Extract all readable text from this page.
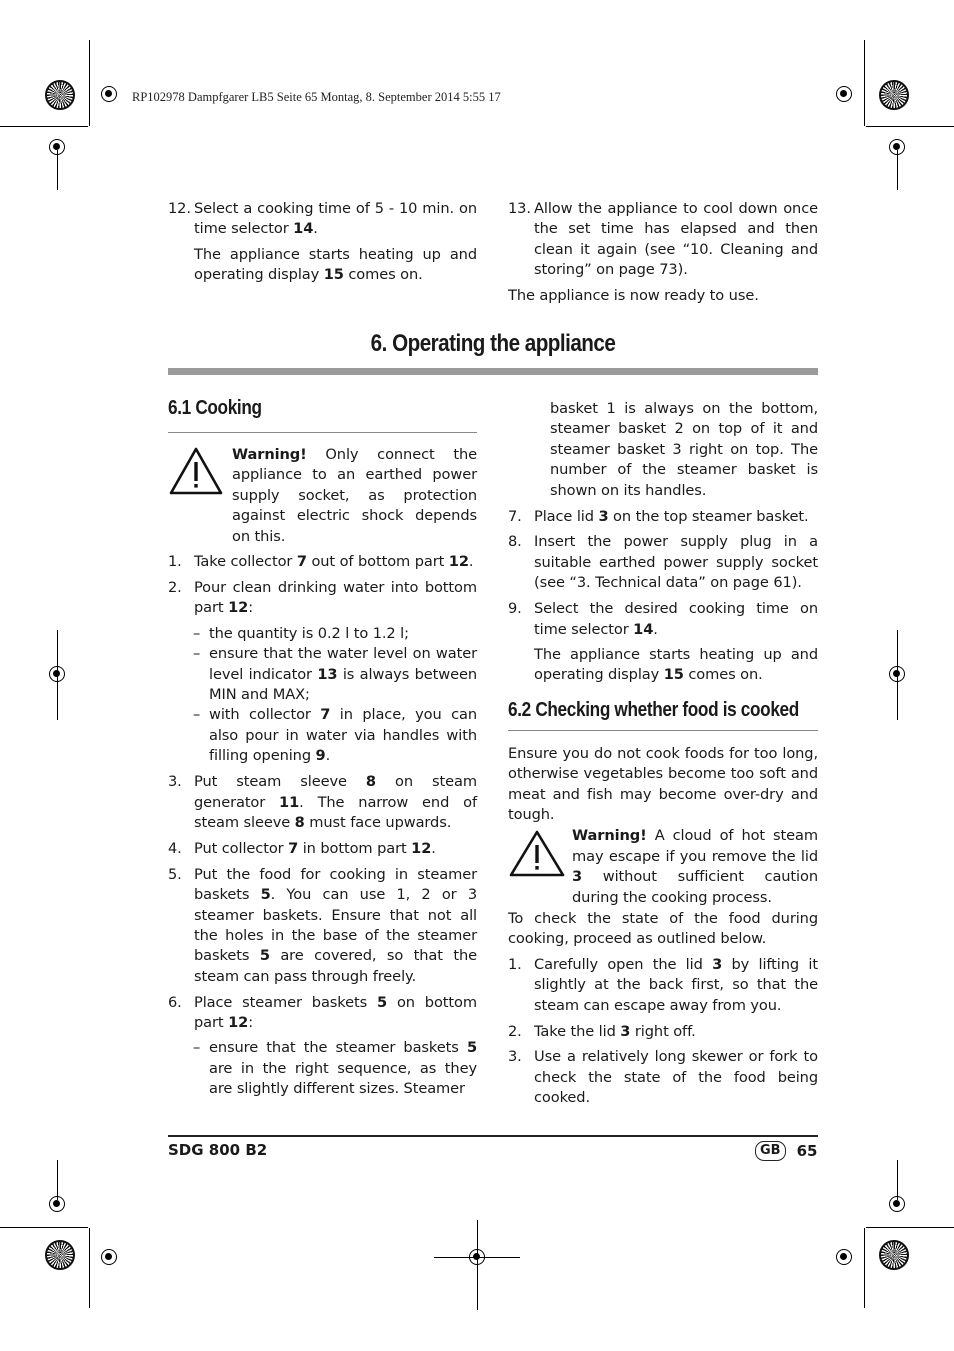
RP102978 Dampfgarer LB5 Seite 65 Montag, 8. September 2014 5:55 17
12. Select a cooking time of 5 - 10 min. on time selector 14.

The appliance starts heating up and operating display 15 comes on.

13. Allow the appliance to cool down once the set time has elapsed and then clean it again (see “10. Cleaning and storing” on page 73).

The appliance is now ready to use.

6. Operating the appliance
6.1 Cooking
Warning! Only connect the appliance to an earthed power supply socket, as protection against electric shock depends on this.
1. Take collector 7 out of bottom part 12.

2. Pour clean drinking water into bottom part 12:

– the quantity is 0.2 l to 1.2 l;
– ensure that the water level on water level indicator 13 is always between MIN and MAX;
– with collector 7 in place, you can also pour in water via handles with filling opening 9.
3. Put steam sleeve 8 on steam generator 11. The narrow end of steam sleeve 8 must face upwards.

4. Put collector 7 in bottom part 12.

5. Put the food for cooking in steamer baskets 5. You can use 1, 2 or 3 steamer baskets. Ensure that not all the holes in the base of the steamer baskets 5 are covered, so that the steam can pass through freely.

6. Place steamer baskets 5 on bottom part 12:

– ensure that the steamer baskets 5 are in the right sequence, as they are slightly different sizes. Steamer
basket 1 is always on the bottom, steamer basket 2 on top of it and steamer basket 3 right on top. The number of the steamer basket is shown on its handles.
7. Place lid 3 on the top steamer basket.

8. Insert the power supply plug in a suitable earthed power supply socket (see “3. Technical data” on page 61).

9. Select the desired cooking time on time selector 14.

The appliance starts heating up and operating display 15 comes on.

6.2 Checking whether food is cooked

Ensure you do not cook foods for too long, otherwise vegetables become too soft and meat and fish may become over-dry and tough.

Warning! A cloud of hot steam may escape if you remove the lid 3 without sufficient caution during the cooking process.

To check the state of the food during cooking, proceed as outlined below.

1. Carefully open the lid 3 by lifting it slightly at the back first, so that the steam can escape away from you.

2. Take the lid 3 right off.

3. Use a relatively long skewer or fork to check the state of the food being cooked.

SDG 800 B2	GB	65
